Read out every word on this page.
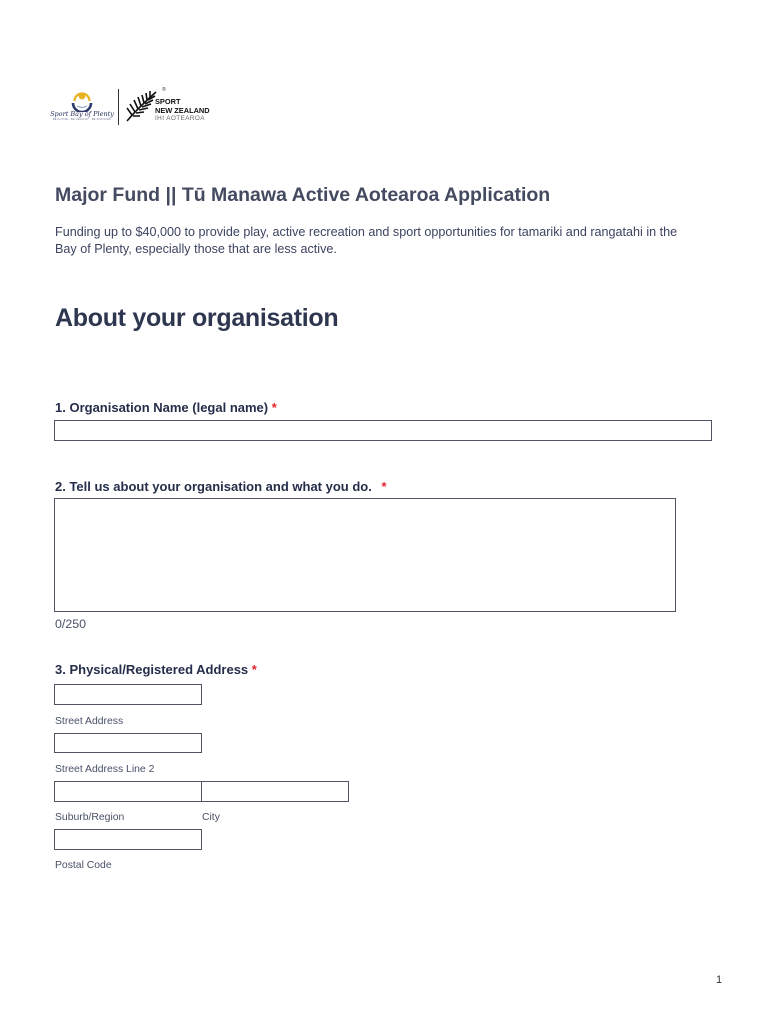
Sport Bay of Plenty
BE ACTIVE · BE HEALTHY · BE INVOLVED
®
SPORT
NEW ZEALAND
IHI AOTEAROA
Major Fund || Tū Manawa Active Aotearoa Application
Funding up to $40,000 to provide play, active recreation and sport opportunities for tamariki and rangatahi in the Bay of Plenty, especially those that are less active.
About your organisation
1. Organisation Name (legal name) *
2. Tell us about your organisation and what you do. *
0/250
3. Physical/Registered Address *
Street Address
Street Address Line 2
Suburb/Region	City
Postal Code
1
